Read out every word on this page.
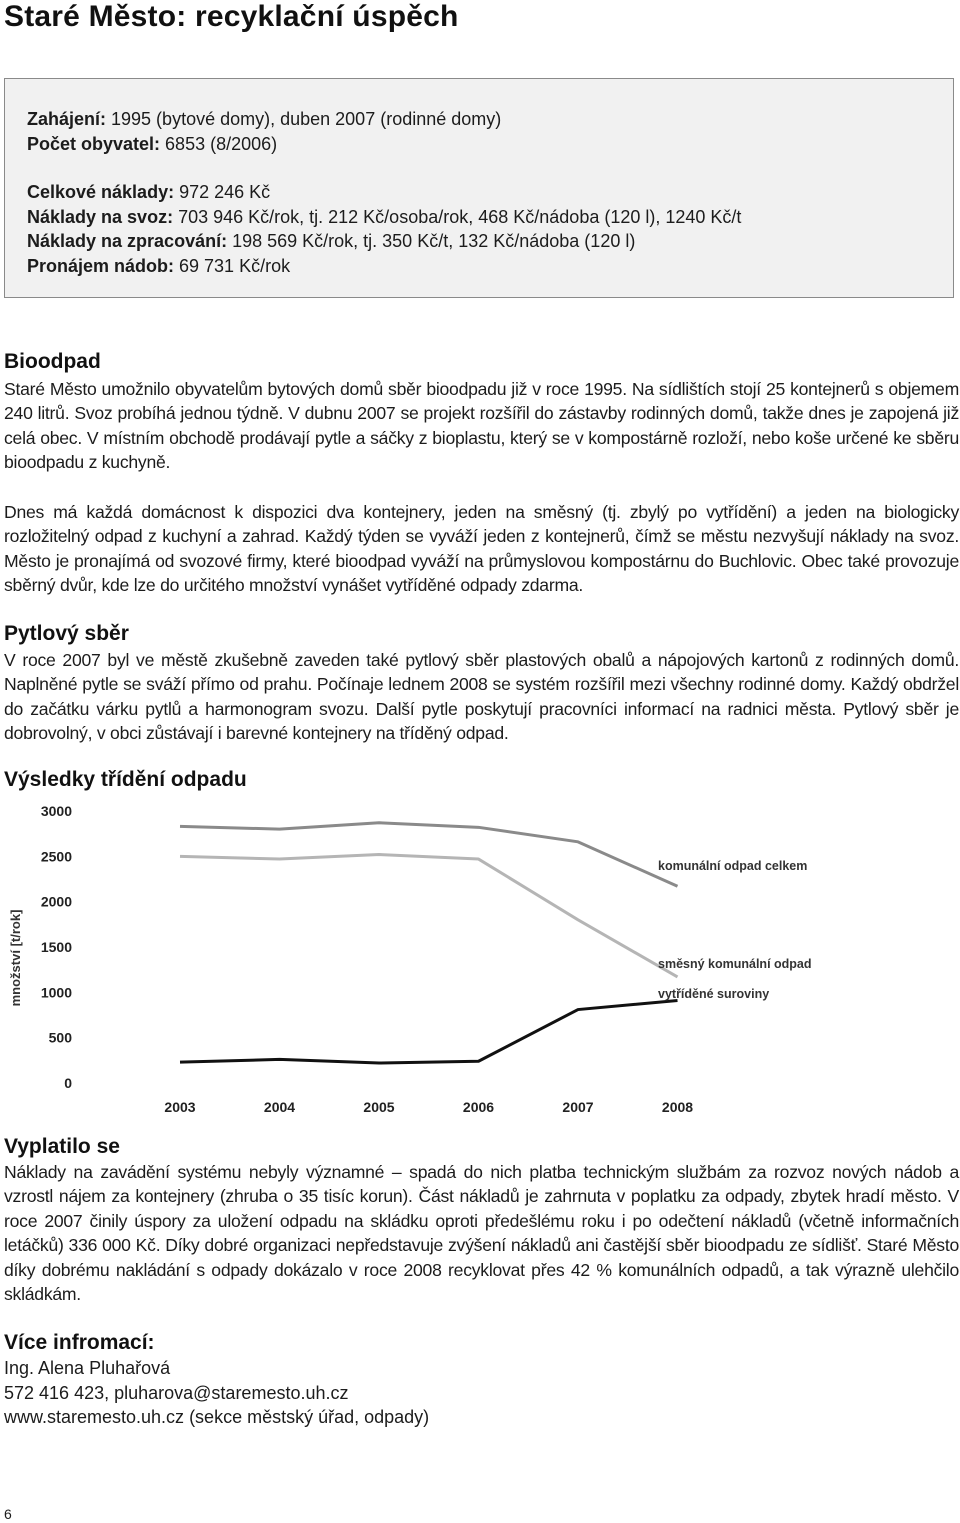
Staré Město: recyklační úspěch
Zahájení: 1995 (bytové domy), duben 2007 (rodinné domy)
Počet obyvatel: 6853 (8/2006)
Celkové náklady: 972 246 Kč
Náklady na svoz: 703 946 Kč/rok, tj. 212 Kč/osoba/rok, 468 Kč/nádoba (120 l), 1240 Kč/t
Náklady na zpracování: 198 569 Kč/rok, tj. 350 Kč/t, 132 Kč/nádoba (120 l)
Pronájem nádob: 69 731 Kč/rok
Bioodpad

Staré Město umožnilo obyvatelům bytových domů sběr bioodpadu již v roce 1995. Na sídlištích stojí 25 kontejnerů s objemem 240 litrů. Svoz probíhá jednou týdně. V dubnu 2007 se projekt rozšířil do zástavby rodinných domů, takže dnes je zapojená již celá obec. V místním obchodě prodávají pytle a sáčky z bioplastu, který se v kompostárně rozloží, nebo koše určené ke sběru bioodpadu z kuchyně.

Dnes má každá domácnost k dispozici dva kontejnery, jeden na směsný (tj. zbylý po vytřídění) a jeden na biologicky rozložitelný odpad z kuchyní a zahrad. Každý týden se vyváží jeden z kontejnerů, čímž se městu nezvyšují náklady na svoz. Město je pronajímá od svozové firmy, které bioodpad vyváží na průmyslovou kompostárnu do Buchlovic. Obec také provozuje sběrný dvůr, kde lze do určitého množství vynášet vytříděné odpady zdarma.

Pytlový sběr

V roce 2007 byl ve městě zkušebně zaveden také pytlový sběr plastových obalů a nápojových kartonů z rodinných domů. Naplněné pytle se sváží přímo od prahu. Počínaje lednem 2008 se systém rozšířil mezi všechny rodinné domy. Každý obdržel do začátku várku pytlů a harmonogram svozu. Další pytle poskytují pracovníci informací na radnici města. Pytlový sběr je dobrovolný, v obci zůstávají i barevné kontejnery na tříděný odpad.

Výsledky třídění odpadu
0
500
1000
1500
2000
2500
3000
množství [t/rok]
2003	2004	2005	2006	2007	2008
komunální odpad celkem
směsný komunální odpad
vytříděné suroviny
Vyplatilo se

Náklady na zavádění systému nebyly významné – spadá do nich platba technickým službám za rozvoz nových nádob a vzrostl nájem za kontejnery (zhruba o 35 tisíc korun). Část nákladů je zahrnuta v poplatku za odpady, zbytek hradí město. V roce 2007 činily úspory za uložení odpadu na skládku oproti předešlému roku i po odečtení nákladů (včetně informačních letáčků) 336 000 Kč. Díky dobré organizaci nepředstavuje zvýšení nákladů ani častější sběr bioodpadu ze sídlišť. Staré Město díky dobrému nakládání s odpady dokázalo v roce 2008 recyklovat přes 42 % komunálních odpadů, a tak výrazně ulehčilo skládkám.

Více infromací:
Ing. Alena Pluhařová
572 416 423, pluharova@staremesto.uh.cz
www.staremesto.uh.cz (sekce městský úřad, odpady)
6
